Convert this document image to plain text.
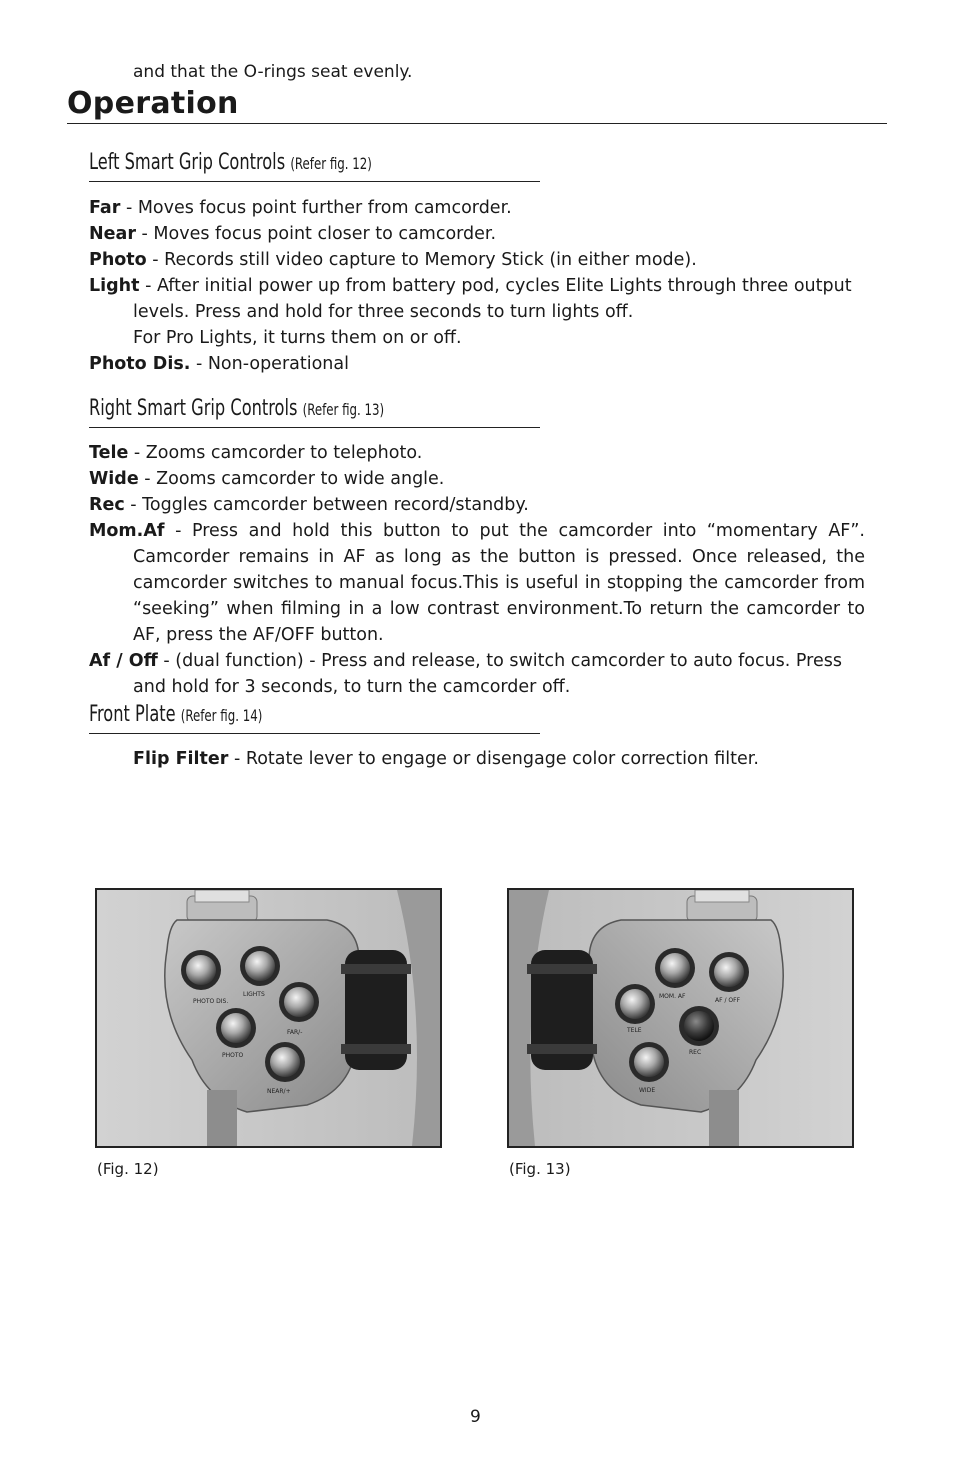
and that the O-rings seat evenly.
Operation
Left Smart Grip Controls (Refer fig. 12)
Far - Moves focus point further from camcorder.
Near - Moves focus point closer to camcorder.
Photo - Records still video capture to Memory Stick (in either mode).
Light - After initial power up from battery pod, cycles Elite Lights through three output levels. Press and hold for three seconds to turn lights off.
For Pro Lights, it turns them on or off.
Photo Dis. - Non-operational
Right Smart Grip Controls (Refer fig. 13)
Tele - Zooms camcorder to telephoto.
Wide - Zooms camcorder to wide angle.
Rec - Toggles camcorder between record/standby.
Mom.Af - Press and hold this button to put the camcorder into “momentary AF”. Camcorder remains in AF as long as the button is pressed. Once released, the camcorder switches to manual focus.This is useful in stopping the camcorder from “seeking” when filming in a low contrast environment.To return the camcorder to AF, press the AF/OFF button.
Af / Off - (dual function) - Press and release, to switch camcorder to auto focus. Press and hold for 3 seconds, to turn the camcorder off.
Front Plate (Refer fig. 14)
Flip Filter - Rotate lever to engage or disengage color correction filter.
PHOTO DIS.
LIGHTS
FAR/-
PHOTO
NEAR/+
(Fig. 12)
MOM. AF
AF / OFF
TELE
REC
WIDE
(Fig. 13)
9
